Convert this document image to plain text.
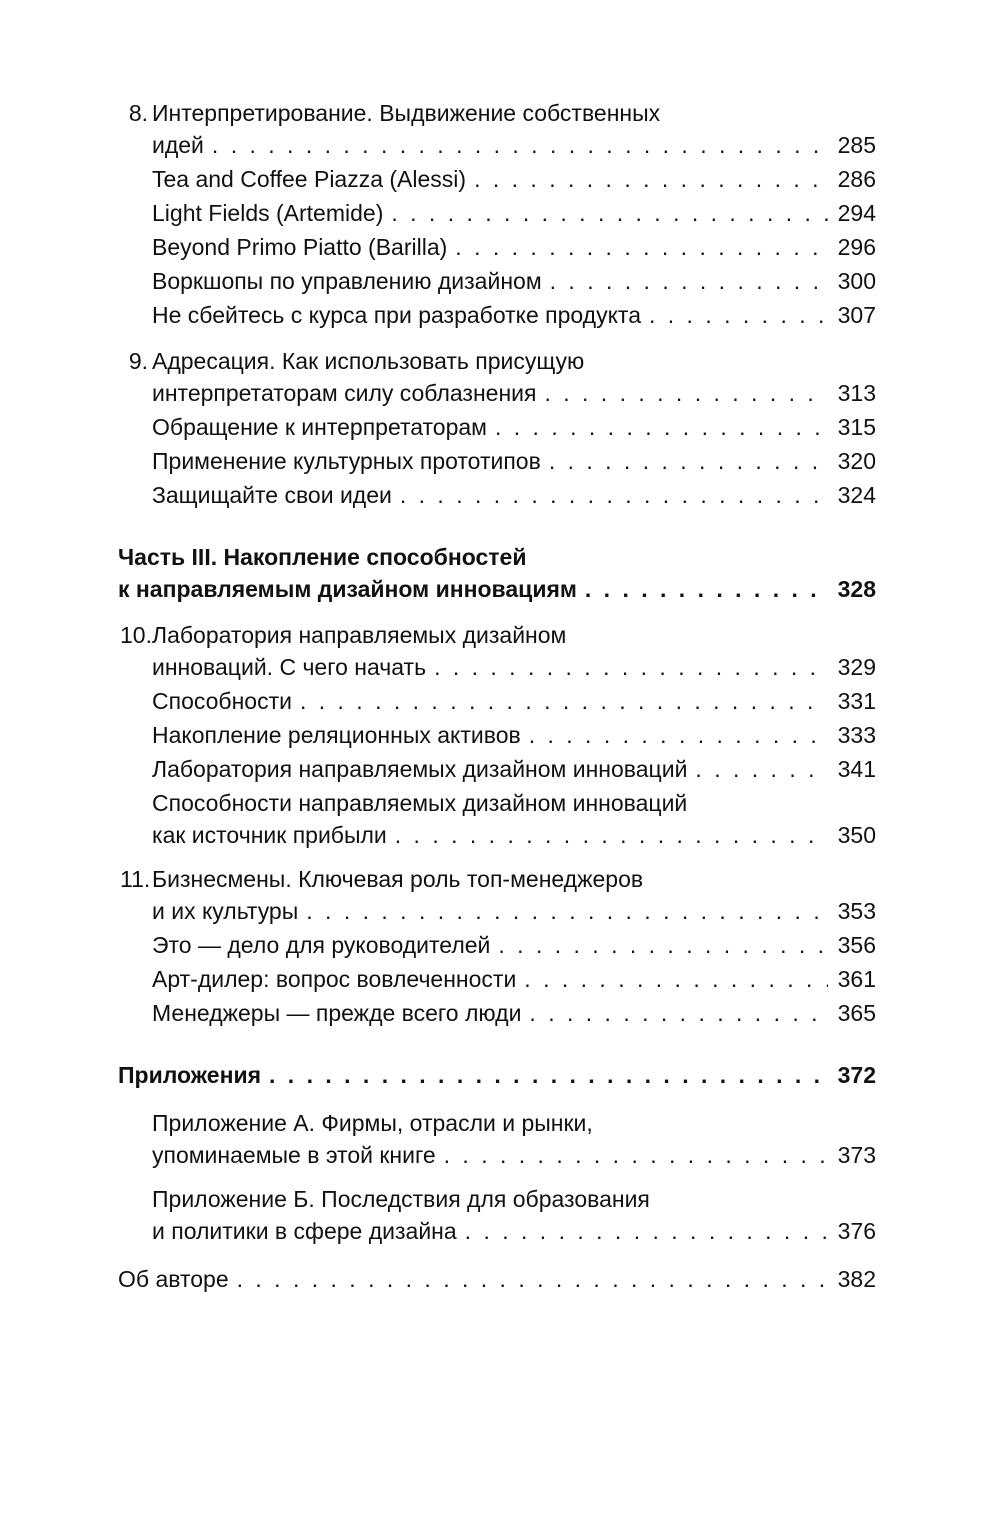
8. Интерпретирование. Выдвижение собственных
идей . . .	285
Tea and Coffee Piazza (Alessi) . . .	286
Light Fields (Artemide) . . .	294
Beyond Primo Piatto (Barilla) . . .	296
Воркшопы по управлению дизайном . . .	300
Не сбейтесь с курса при разработке продукта . . .	307
9. Адресация. Как использовать присущую
интерпретаторам силу соблазнения . . .	313
Обращение к интерпретаторам . . .	315
Применение культурных прототипов . . .	320
Защищайте свои идеи . . .	324
Часть III. Накопление способностей
к направляемым дизайном инновациям . . .	328
10. Лаборатория направляемых дизайном
инноваций. С чего начать . . .	329
Способности . . .	331
Накопление реляционных активов . . .	333
Лаборатория направляемых дизайном инноваций . . .	341
Способности направляемых дизайном инноваций
как источник прибыли . . .	350
11. Бизнесмены. Ключевая роль топ-менеджеров
и их культуры . . .	353
Это — дело для руководителей . . .	356
Арт-дилер: вопрос вовлеченности . . .	361
Менеджеры — прежде всего люди . . .	365
Приложения . . .	372
Приложение А. Фирмы, отрасли и рынки,
упоминаемые в этой книге . . .	373
Приложение Б. Последствия для образования
и политики в сфере дизайна . . .	376
Об авторе . . .	382
